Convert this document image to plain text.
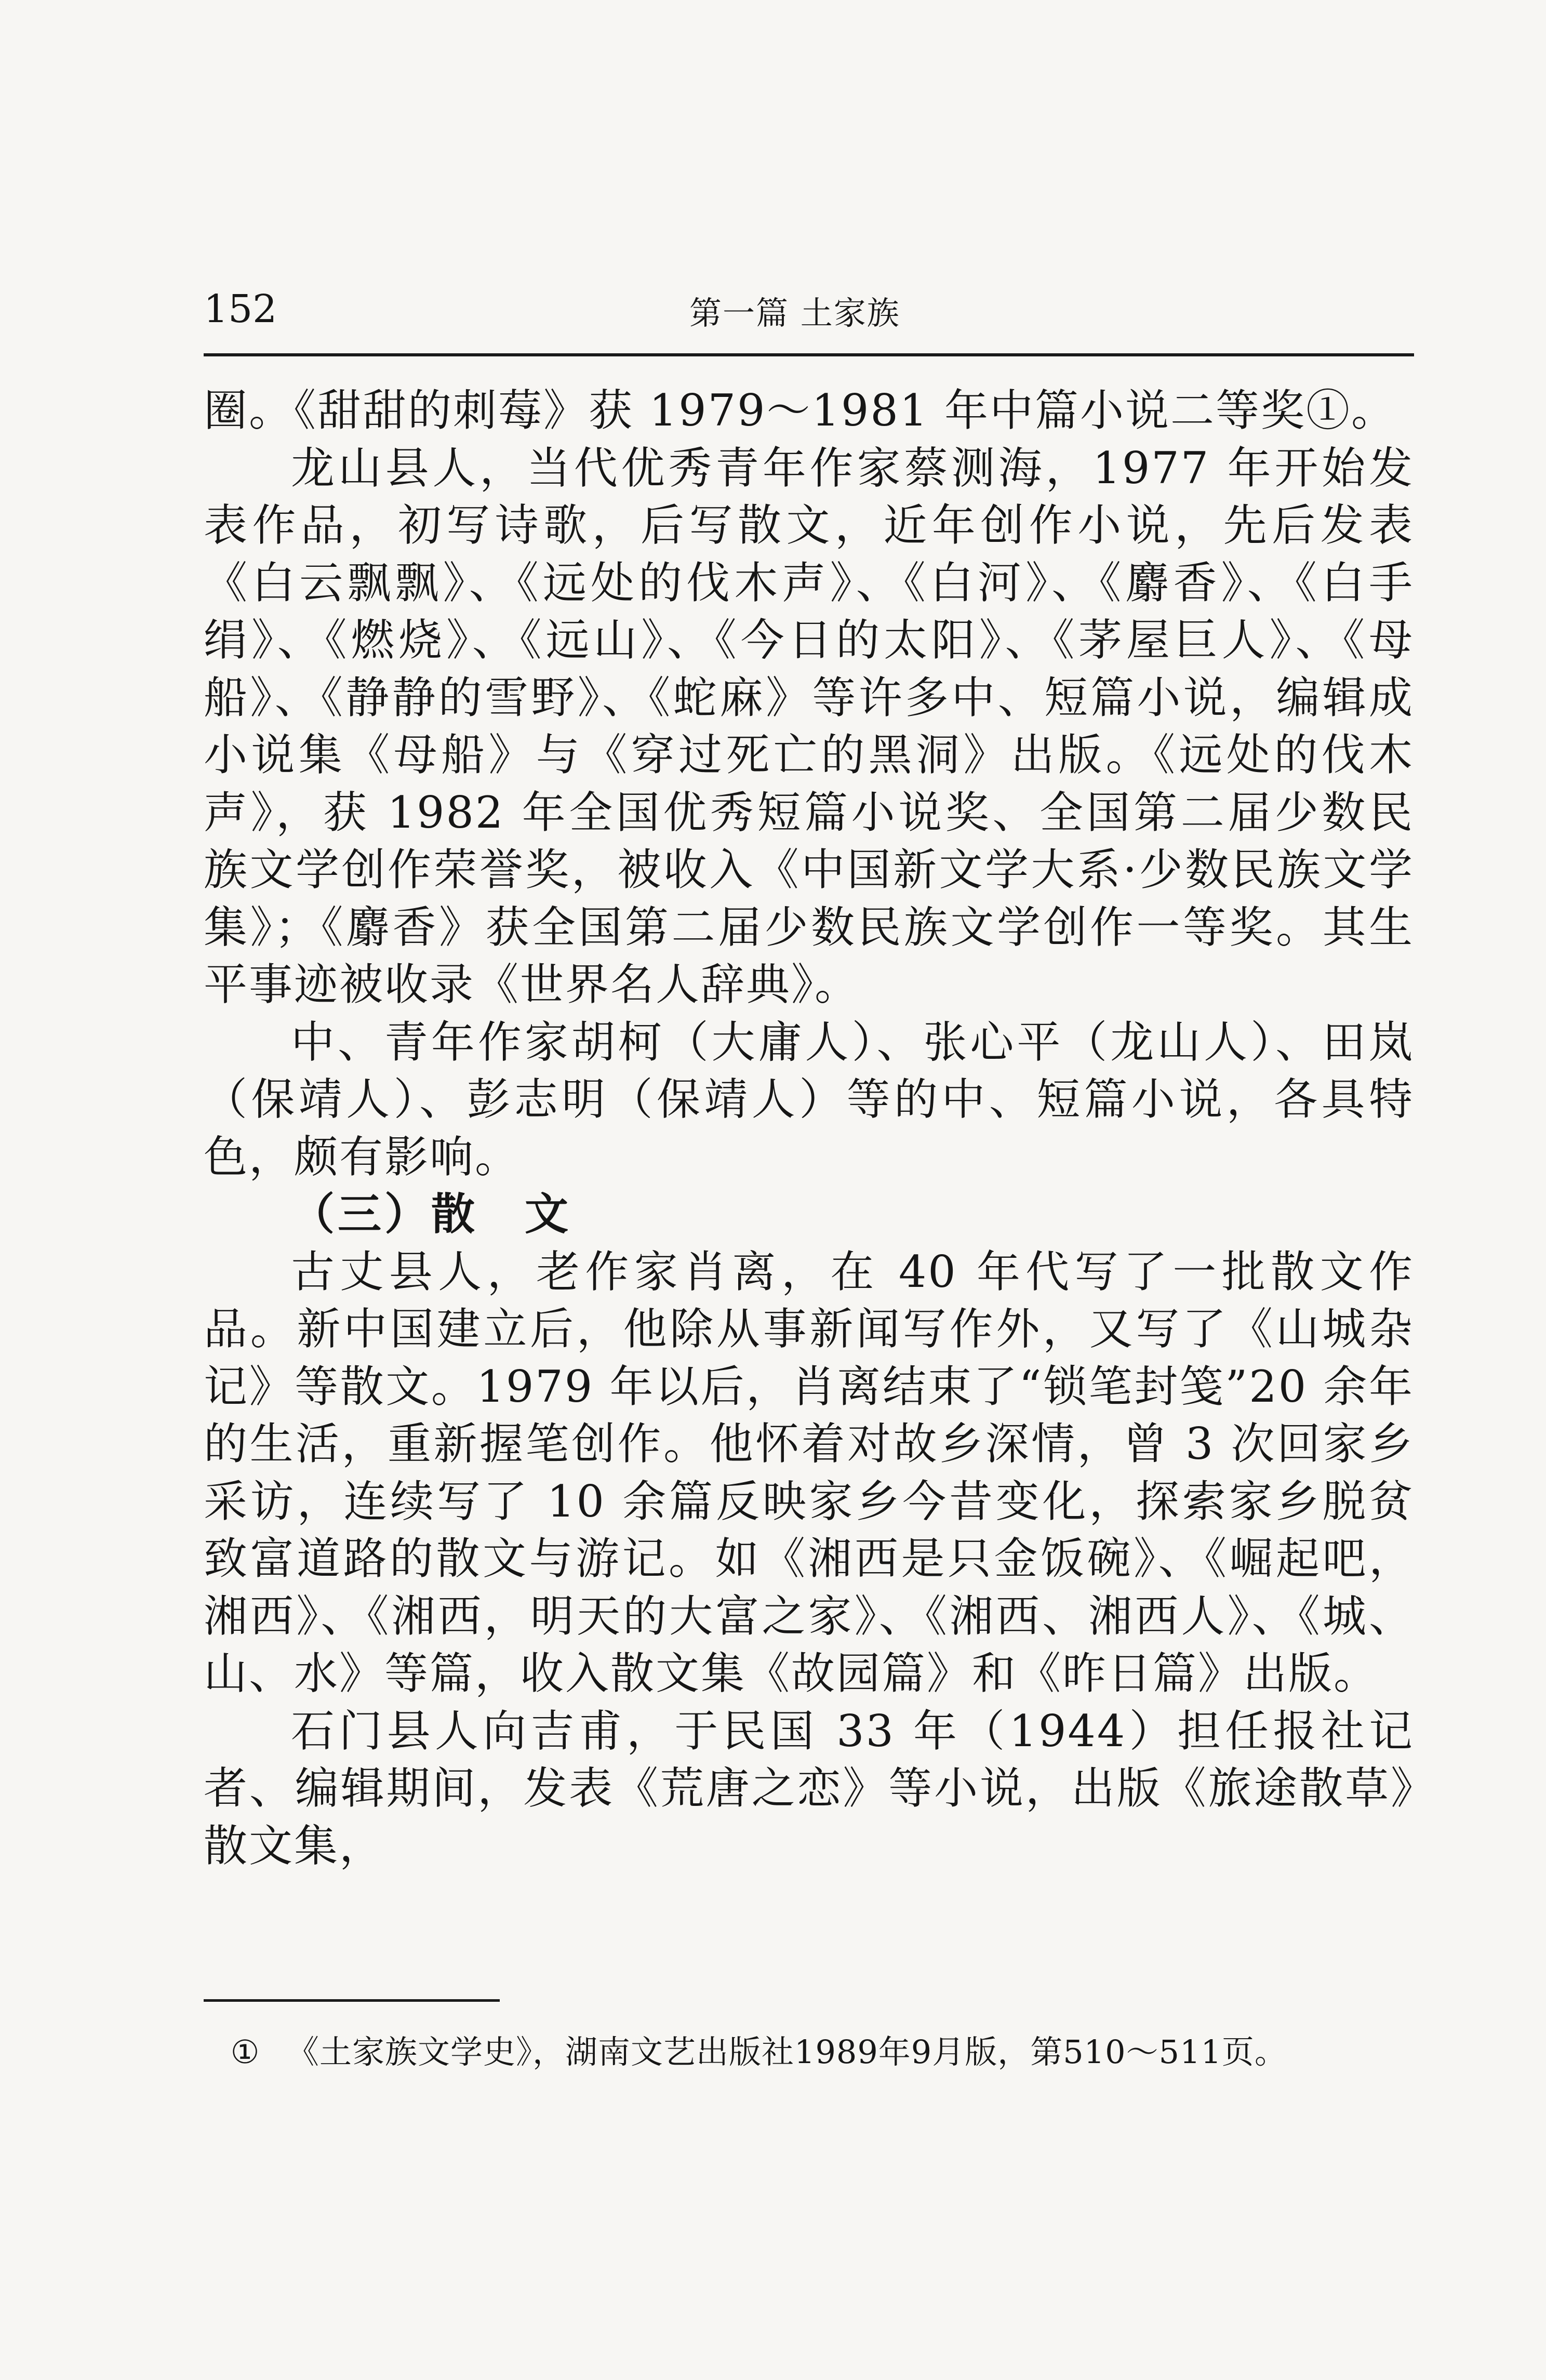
152	第一篇 土家族

圈。《甜甜的刺莓》获 1979～1981 年中篇小说二等奖①。

龙山县人，当代优秀青年作家蔡测海，1977 年开始发表作品，初写诗歌，后写散文，近年创作小说，先后发表《白云飘飘》、《远处的伐木声》、《白河》、《麝香》、《白手绢》、《燃烧》、《远山》、《今日的太阳》、《茅屋巨人》、《母船》、《静静的雪野》、《蛇麻》等许多中、短篇小说，编辑成小说集《母船》与《穿过死亡的黑洞》出版。《远处的伐木声》，获 1982 年全国优秀短篇小说奖、全国第二届少数民族文学创作荣誉奖，被收入《中国新文学大系·少数民族文学集》；《麝香》获全国第二届少数民族文学创作一等奖。其生平事迹被收录《世界名人辞典》。

中、青年作家胡柯（大庸人）、张心平（龙山人）、田岚（保靖人）、彭志明（保靖人）等的中、短篇小说，各具特色，颇有影响。

（三）散　文

古丈县人，老作家肖离，在 40 年代写了一批散文作品。新中国建立后，他除从事新闻写作外，又写了《山城杂记》等散文。1979 年以后，肖离结束了“锁笔封笺”20 余年的生活，重新握笔创作。他怀着对故乡深情，曾 3 次回家乡采访，连续写了 10 余篇反映家乡今昔变化，探索家乡脱贫致富道路的散文与游记。如《湘西是只金饭碗》、《崛起吧，湘西》、《湘西，明天的大富之家》、《湘西、湘西人》、《城、山、水》等篇，收入散文集《故园篇》和《昨日篇》出版。

石门县人向吉甫，于民国 33 年（1944）担任报社记者、编辑期间，发表《荒唐之恋》等小说，出版《旅途散草》散文集，

① 《土家族文学史》，湖南文艺出版社1989年9月版，第510～511页。
